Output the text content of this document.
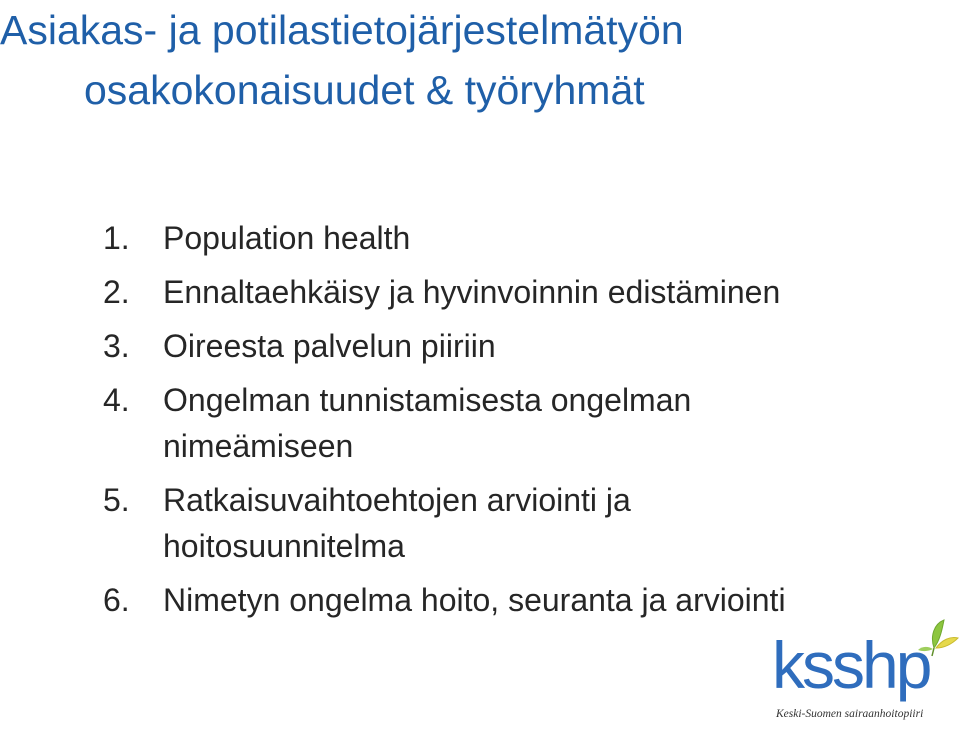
Asiakas- ja potilastietojärjestelmätyön
osakokonaisuudet & työryhmät
1. Population health
2. Ennaltaehkäisy ja hyvinvoinnin edistäminen
3. Oireesta palvelun piiriin
4. Ongelman tunnistamisesta ongelman
nimeämiseen
5. Ratkaisuvaihtoehtojen arviointi ja
hoitosuunnitelma
6. Nimetyn ongelma hoito, seuranta ja arviointi
ksshp
Keski-Suomen sairaanhoitopiiri
